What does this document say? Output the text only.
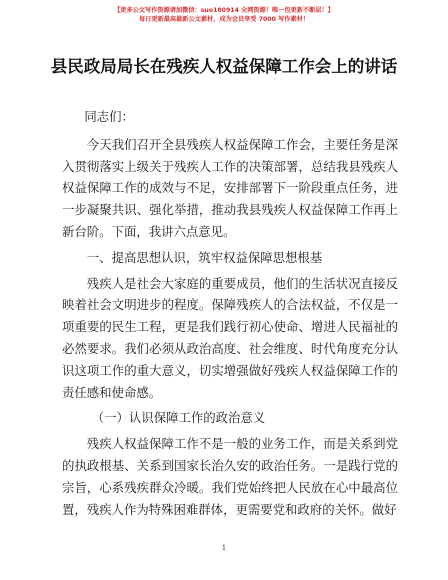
【更多公文写作资源请加微信：suo180914 全网资源！唯一包更新不断层！】
每日更新最高最新公文素材，成为会员享受 7000 写作素材！
县民政局局长在残疾人权益保障工作会上的讲话

同志们：

今天我们召开全县残疾人权益保障工作会，主要任务是深入贯彻落实上级关于残疾人工作的决策部署，总结我县残疾人权益保障工作的成效与不足，安排部署下一阶段重点任务，进一步凝聚共识、强化举措，推动我县残疾人权益保障工作再上新台阶。下面，我讲六点意见。

一、提高思想认识，筑牢权益保障思想根基

残疾人是社会大家庭的重要成员，他们的生活状况直接反映着社会文明进步的程度。保障残疾人的合法权益，不仅是一项重要的民生工程，更是我们践行初心使命、增进人民福祉的必然要求。我们必须从政治高度、社会维度、时代角度充分认识这项工作的重大意义，切实增强做好残疾人权益保障工作的责任感和使命感。

（一）认识保障工作的政治意义

残疾人权益保障工作不是一般的业务工作，而是关系到党的执政根基、关系到国家长治久安的政治任务。一是践行党的宗旨，心系残疾群众冷暖。我们党始终把人民放在心中最高位置，残疾人作为特殊困难群体，更需要党和政府的关怀。做好

1
